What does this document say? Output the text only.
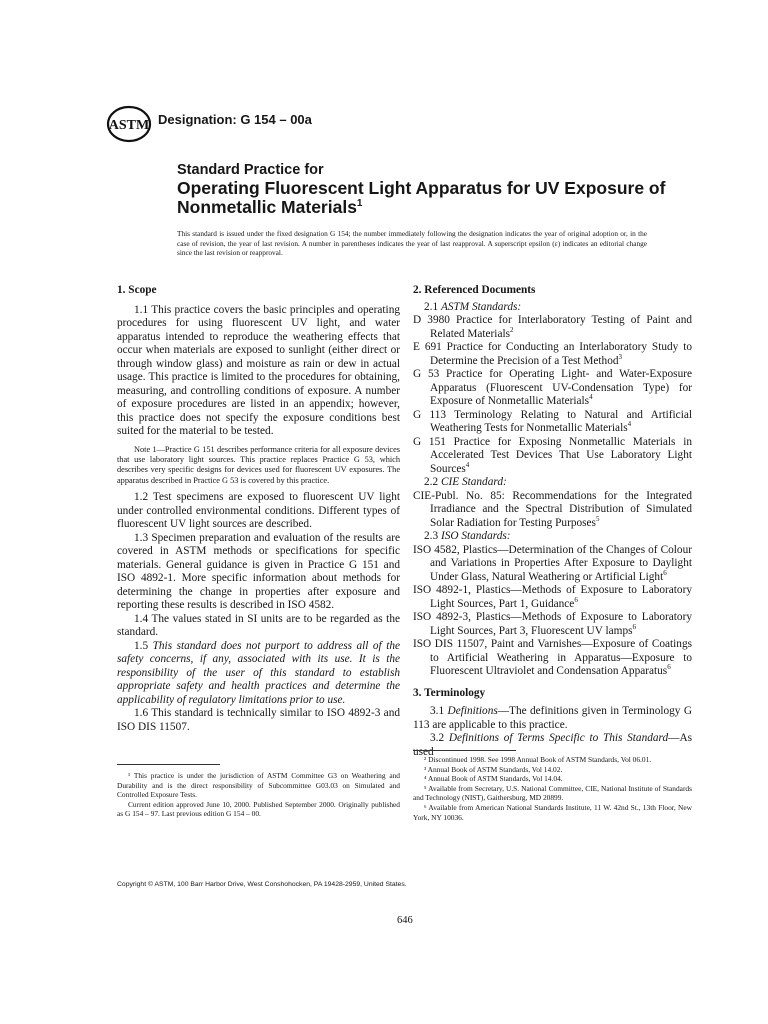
ASTM Designation: G 154 – 00a
Standard Practice for
Operating Fluorescent Light Apparatus for UV Exposure of
Nonmetallic Materials$^1$
This standard is issued under the fixed designation G 154; the number immediately following the designation indicates the year of original adoption or, in the case of revision, the year of last revision. A number in parentheses indicates the year of last reapproval. A superscript epsilon (ε) indicates an editorial change since the last revision or reapproval.
1. Scope

1.1 This practice covers the basic principles and operating procedures for using fluorescent UV light, and water apparatus intended to reproduce the weathering effects that occur when materials are exposed to sunlight (either direct or through window glass) and moisture as rain or dew in actual usage. This practice is limited to the procedures for obtaining, measuring, and controlling conditions of exposure. A number of exposure procedures are listed in an appendix; however, this practice does not specify the exposure conditions best suited for the material to be tested.

Note 1—Practice G 151 describes performance criteria for all exposure devices that use laboratory light sources. This practice replaces Practice G 53, which describes very specific designs for devices used for fluorescent UV exposures. The apparatus described in Practice G 53 is covered by this practice.

1.2 Test specimens are exposed to fluorescent UV light under controlled environmental conditions. Different types of fluorescent UV light sources are described.

1.3 Specimen preparation and evaluation of the results are covered in ASTM methods or specifications for specific materials. General guidance is given in Practice G 151 and ISO 4892-1. More specific information about methods for determining the change in properties after exposure and reporting these results is described in ISO 4582.

1.4 The values stated in SI units are to be regarded as the standard.

1.5 This standard does not purport to address all of the safety concerns, if any, associated with its use. It is the responsibility of the user of this standard to establish appropriate safety and health practices and determine the applicability of regulatory limitations prior to use.

1.6 This standard is technically similar to ISO 4892-3 and ISO DIS 11507.

¹ This practice is under the jurisdiction of ASTM Committee G3 on Weathering and Durability and is the direct responsibility of Subcommittee G03.03 on Simulated and Controlled Exposure Tests.

Current edition approved June 10, 2000. Published September 2000. Originally published as G 154 – 97. Last previous edition G 154 – 00.

2. Referenced Documents

2.1 ASTM Standards:

D 3980 Practice for Interlaboratory Testing of Paint and Related Materials$^2$

E 691 Practice for Conducting an Interlaboratory Study to Determine the Precision of a Test Method$^3$

G 53 Practice for Operating Light- and Water-Exposure Apparatus (Fluorescent UV-Condensation Type) for Exposure of Nonmetallic Materials$^4$

G 113 Terminology Relating to Natural and Artificial Weathering Tests for Nonmetallic Materials$^4$

G 151 Practice for Exposing Nonmetallic Materials in Accelerated Test Devices That Use Laboratory Light Sources$^4$

2.2 CIE Standard:

CIE-Publ. No. 85: Recommendations for the Integrated Irradiance and the Spectral Distribution of Simulated Solar Radiation for Testing Purposes$^5$

2.3 ISO Standards:

ISO 4582, Plastics—Determination of the Changes of Colour and Variations in Properties After Exposure to Daylight Under Glass, Natural Weathering or Artificial Light$^6$

ISO 4892-1, Plastics—Methods of Exposure to Laboratory Light Sources, Part 1, Guidance$^6$

ISO 4892-3, Plastics—Methods of Exposure to Laboratory Light Sources, Part 3, Fluorescent UV lamps$^6$

ISO DIS 11507, Paint and Varnishes—Exposure of Coatings to Artificial Weathering in Apparatus—Exposure to Fluorescent Ultraviolet and Condensation Apparatus$^6$

3. Terminology

3.1 Definitions—The definitions given in Terminology G 113 are applicable to this practice.

3.2 Definitions of Terms Specific to This Standard—As used

² Discontinued 1998. See 1998 Annual Book of ASTM Standards, Vol 06.01.

³ Annual Book of ASTM Standards, Vol 14.02.

⁴ Annual Book of ASTM Standards, Vol 14.04.

⁵ Available from Secretary, U.S. National Committee, CIE, National Institute of Standards and Technology (NIST), Gaithersburg, MD 20899.

⁶ Available from American National Standards Institute, 11 W. 42nd St., 13th Floor, New York, NY 10036.

Copyright © ASTM, 100 Barr Harbor Drive, West Conshohocken, PA 19428-2959, United States.
646
